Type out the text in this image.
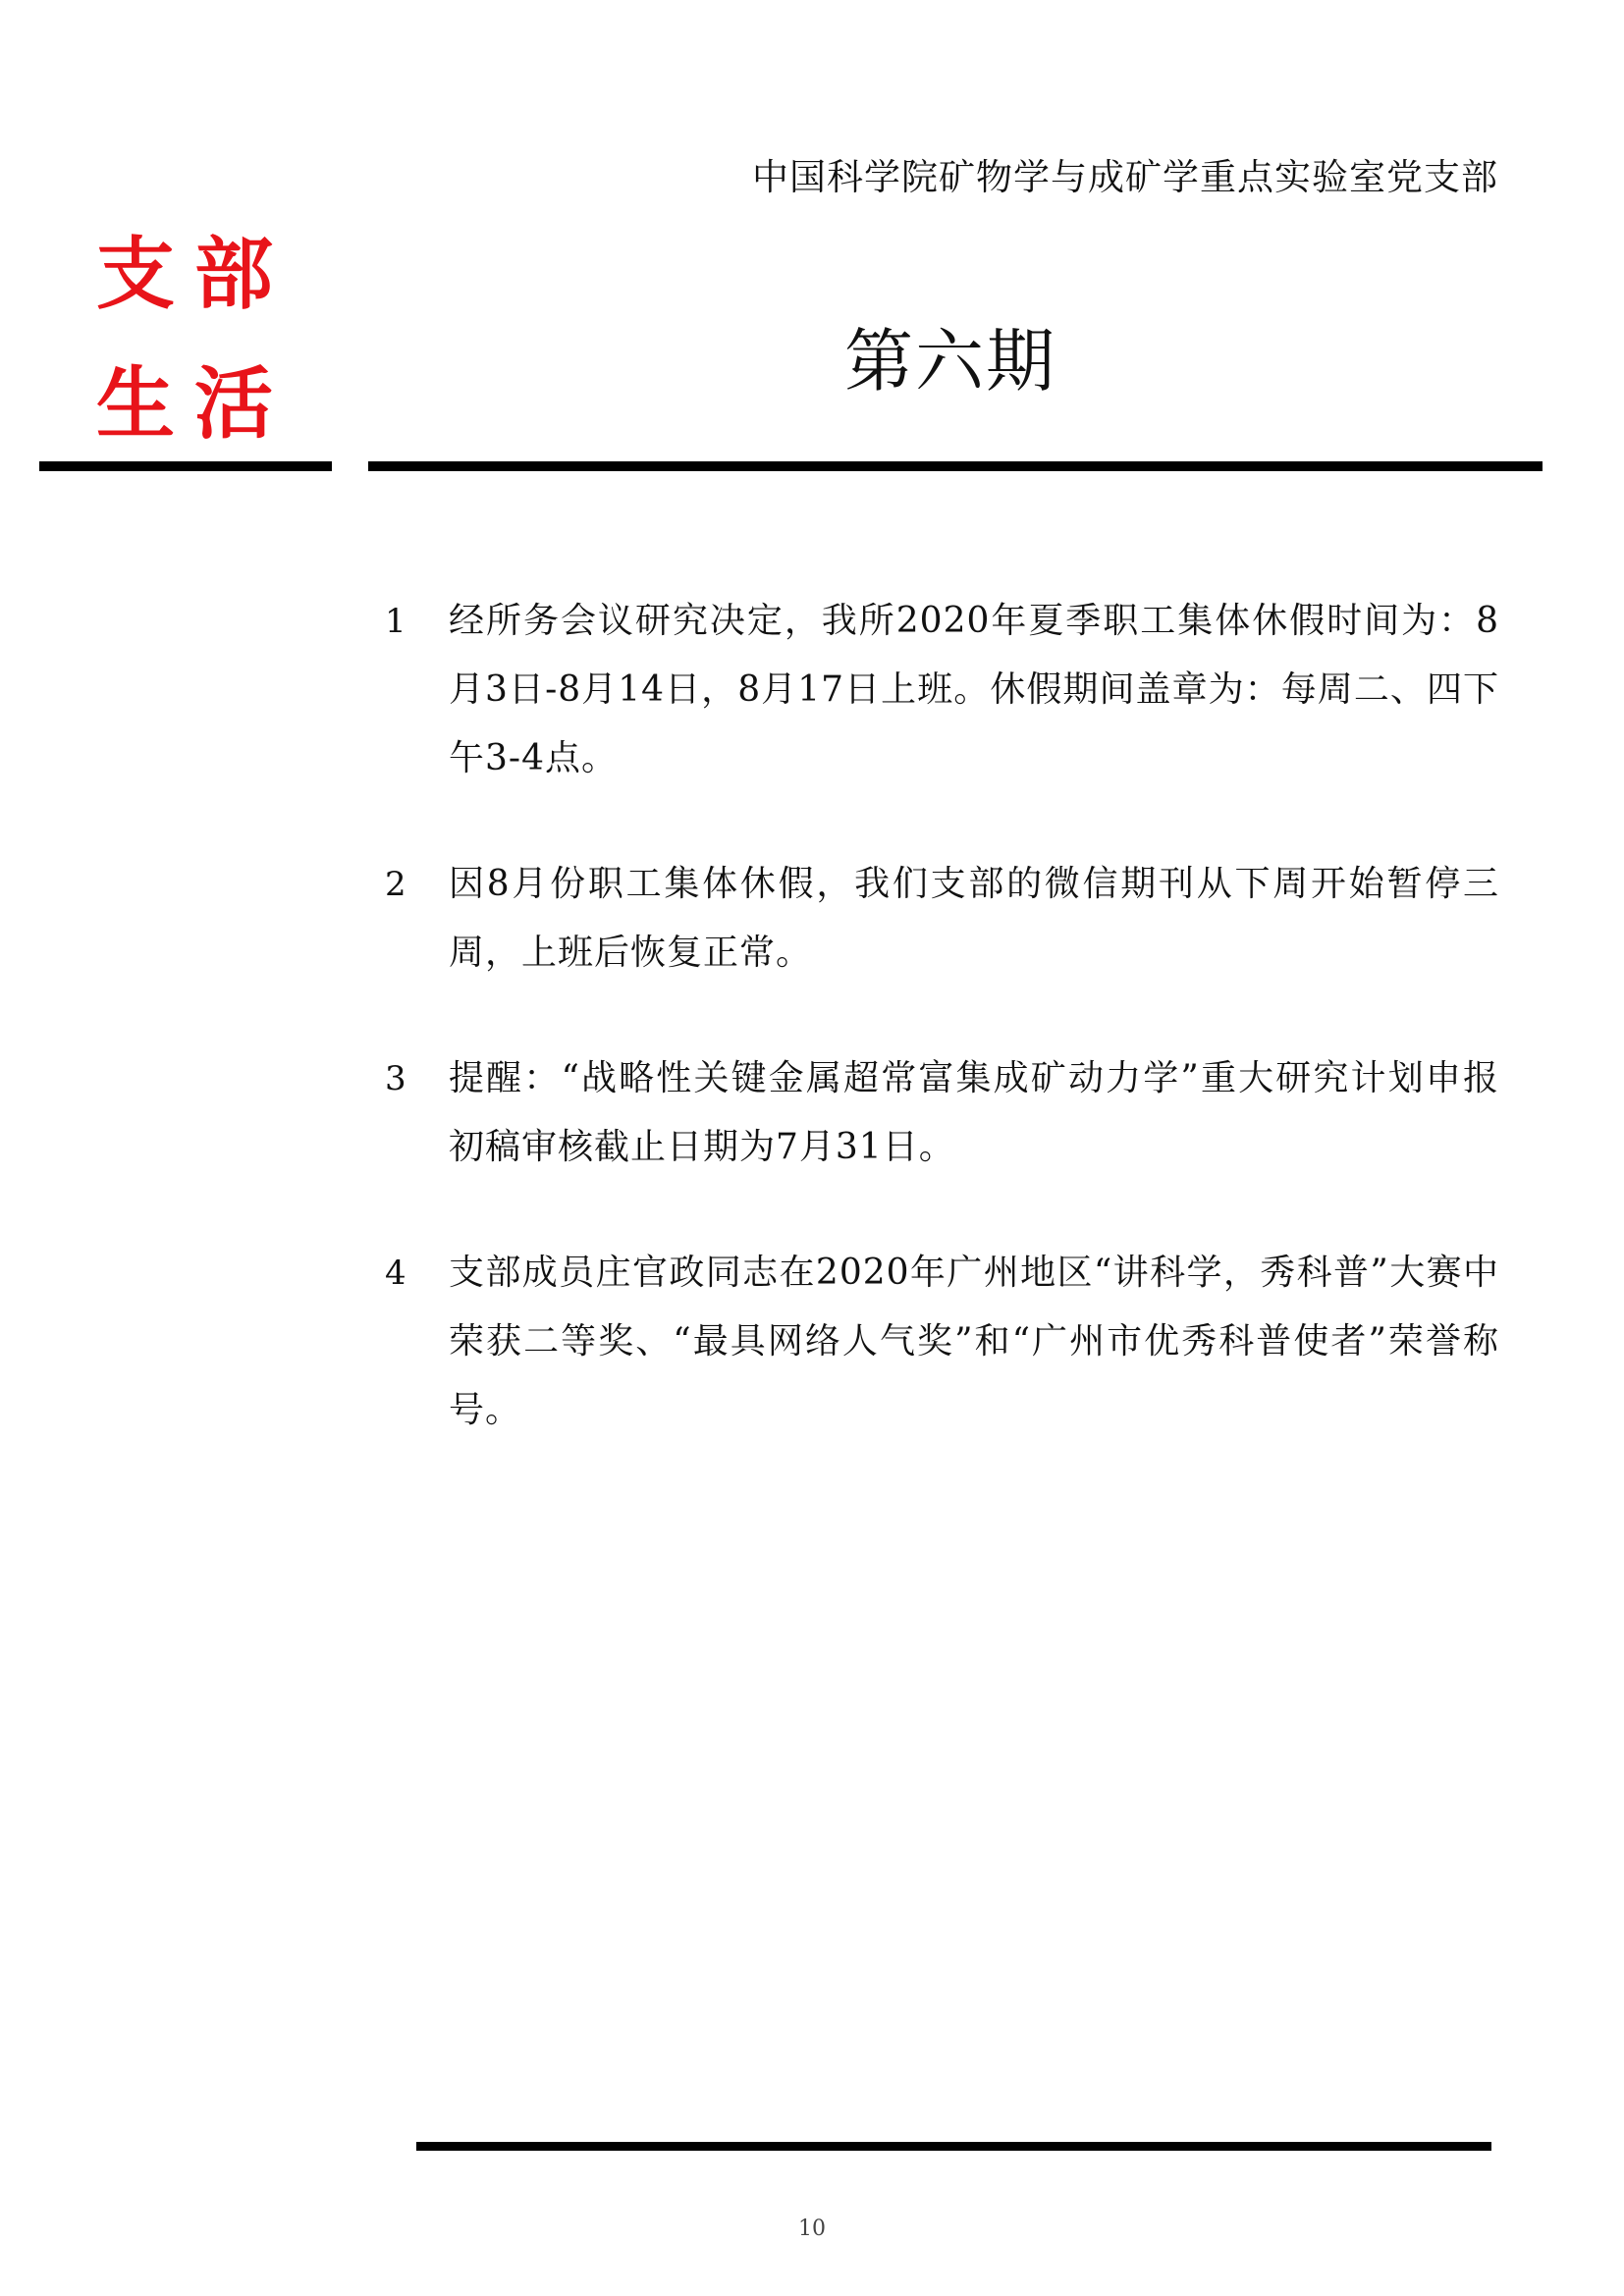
中国科学院矿物学与成矿学重点实验室党支部
支部
生活	第六期
1	经所务会议研究决定，我所2020年夏季职工集体休假时间为：8月3日-8月14日，8月17日上班。休假期间盖章为：每周二、四下午3-4点。
2	因8月份职工集体休假，我们支部的微信期刊从下周开始暂停三周，上班后恢复正常。
3	提醒：“战略性关键金属超常富集成矿动力学”重大研究计划申报初稿审核截止日期为7月31日。
4	支部成员庄官政同志在2020年广州地区“讲科学，秀科普”大赛中荣获二等奖、“最具网络人气奖”和“广州市优秀科普使者”荣誉称号。
10
